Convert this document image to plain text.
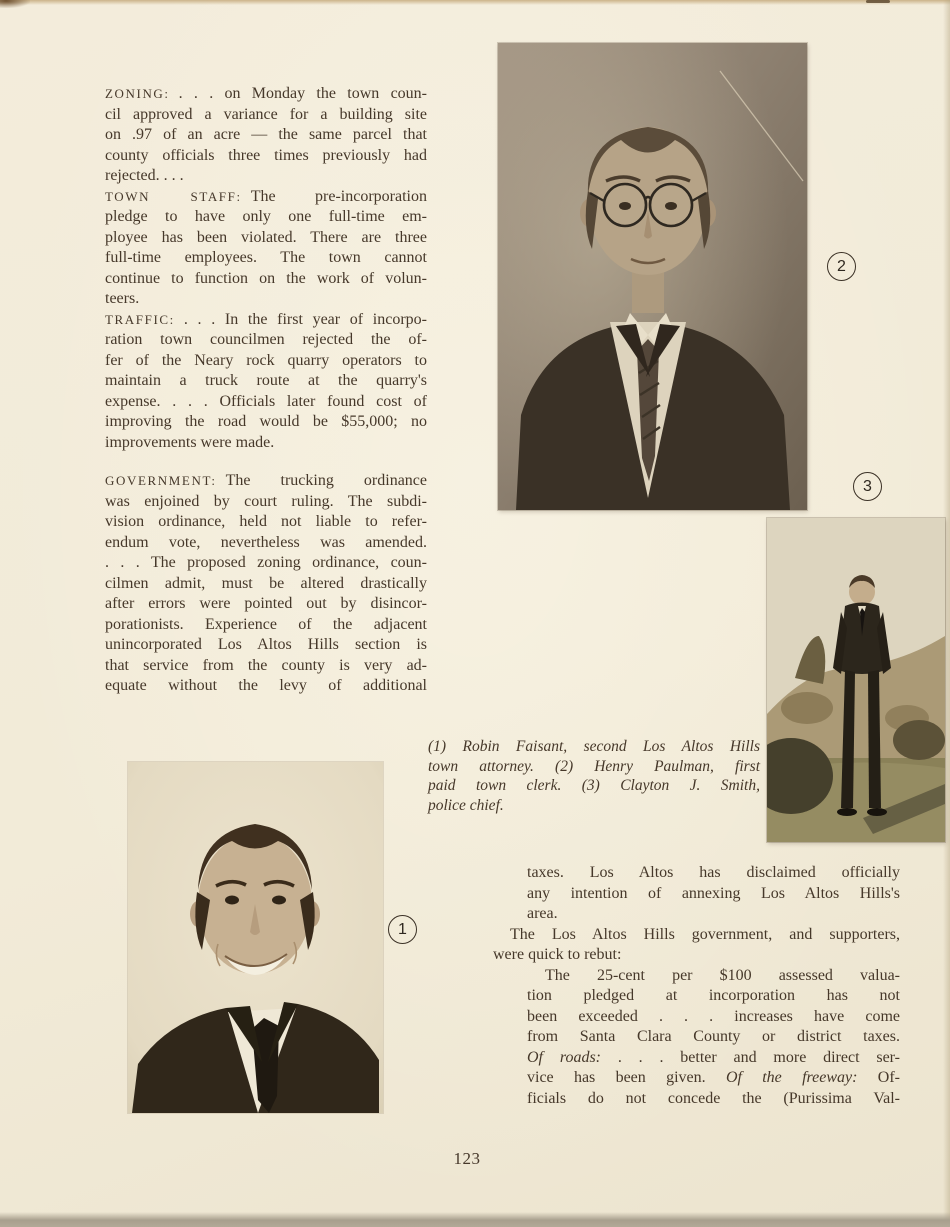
ZONING: . . . on Monday the town coun-
cil approved a variance for a building site
on .97 of an acre — the same parcel that
county officials three times previously had
rejected. . . .
TOWN STAFF: The pre-incorporation
pledge to have only one full-time em-
ployee has been violated. There are three
full-time employees. The town cannot
continue to function on the work of volun-
teers.
TRAFFIC: . . . In the first year of incorpo-
ration town councilmen rejected the of-
fer of the Neary rock quarry operators to
maintain a truck route at the quarry's
expense. . . . Officials later found cost of
improving the road would be $55,000; no
improvements were made.
GOVERNMENT: The trucking ordinance
was enjoined by court ruling. The subdi-
vision ordinance, held not liable to refer-
endum vote, nevertheless was amended.
. . . The proposed zoning ordinance, coun-
cilmen admit, must be altered drastically
after errors were pointed out by disincor-
porationists. Experience of the adjacent
unincorporated Los Altos Hills section is
that service from the county is very ad-
equate without the levy of additional
2
3
(1) Robin Faisant, second Los Altos Hills
town attorney. (2) Henry Paulman, first
paid town clerk. (3) Clayton J. Smith,
police chief.
1
taxes. Los Altos has disclaimed officially
any intention of annexing Los Altos Hills's
area.
The Los Altos Hills government, and supporters,
were quick to rebut:
The 25-cent per $100 assessed valua-
tion pledged at incorporation has not
been exceeded . . . increases have come
from Santa Clara County or district taxes.
Of roads: . . . better and more direct ser-
vice has been given. Of the freeway: Of-
ficials do not concede the (Purissima Val-
123
